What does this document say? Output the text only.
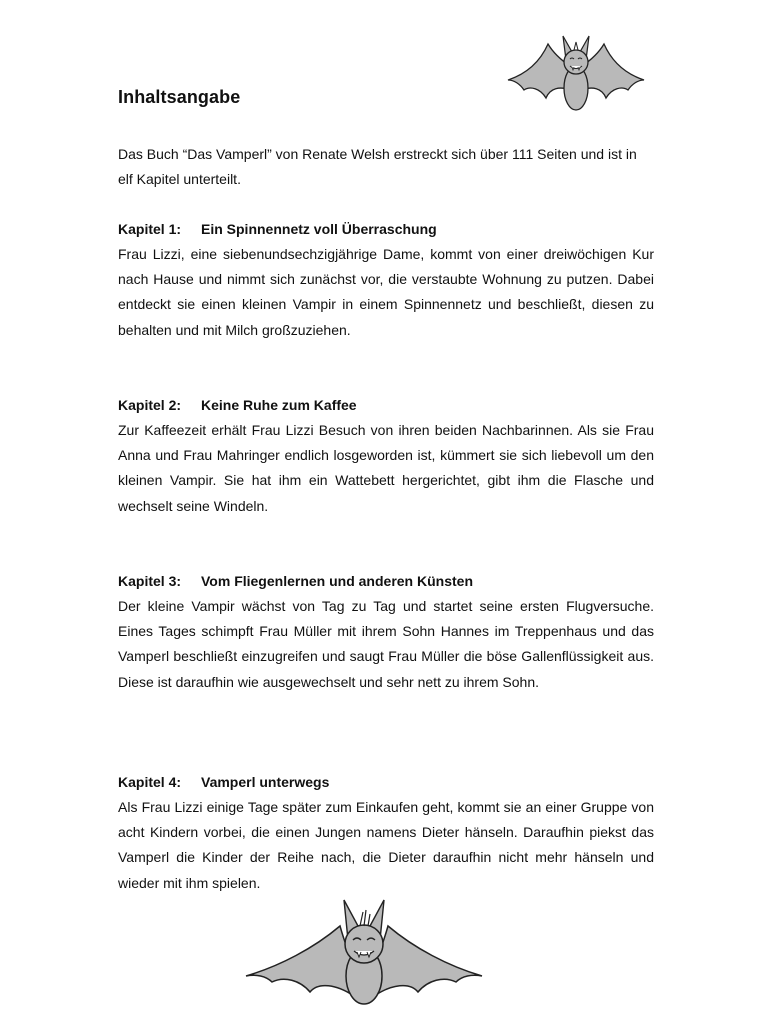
Inhaltsangabe

Das Buch “Das Vamperl” von Renate Welsh erstreckt sich über 111 Seiten und ist in elf Kapitel unterteilt.

Kapitel 1: Ein Spinnennetz voll Überraschung

Frau Lizzi, eine siebenundsechzigjährige Dame, kommt von einer dreiwöchigen Kur nach Hause und nimmt sich zunächst vor, die verstaubte Wohnung zu putzen. Dabei entdeckt sie einen kleinen Vampir in einem Spinnennetz und beschließt, diesen zu behalten und mit Milch großzuziehen.

Kapitel 2: Keine Ruhe zum Kaffee

Zur Kaffeezeit erhält Frau Lizzi Besuch von ihren beiden Nachbarinnen. Als sie Frau Anna und Frau Mahringer endlich losgeworden ist, kümmert sie sich liebevoll um den kleinen Vampir. Sie hat ihm ein Wattebett hergerichtet, gibt ihm die Flasche und wechselt seine Windeln.

Kapitel 3: Vom Fliegenlernen und anderen Künsten

Der kleine Vampir wächst von Tag zu Tag und startet seine ersten Flugversuche. Eines Tages schimpft Frau Müller mit ihrem Sohn Hannes im Treppenhaus und das Vamperl beschließt einzugreifen und saugt Frau Müller die böse Gallenflüssigkeit aus. Diese ist daraufhin wie ausgewechselt und sehr nett zu ihrem Sohn.

Kapitel 4: Vamperl unterwegs

Als Frau Lizzi einige Tage später zum Einkaufen geht, kommt sie an einer Gruppe von acht Kindern vorbei, die einen Jungen namens Dieter hänseln. Daraufhin piekst das Vamperl die Kinder der Reihe nach, die Dieter daraufhin nicht mehr hänseln und wieder mit ihm spielen.
